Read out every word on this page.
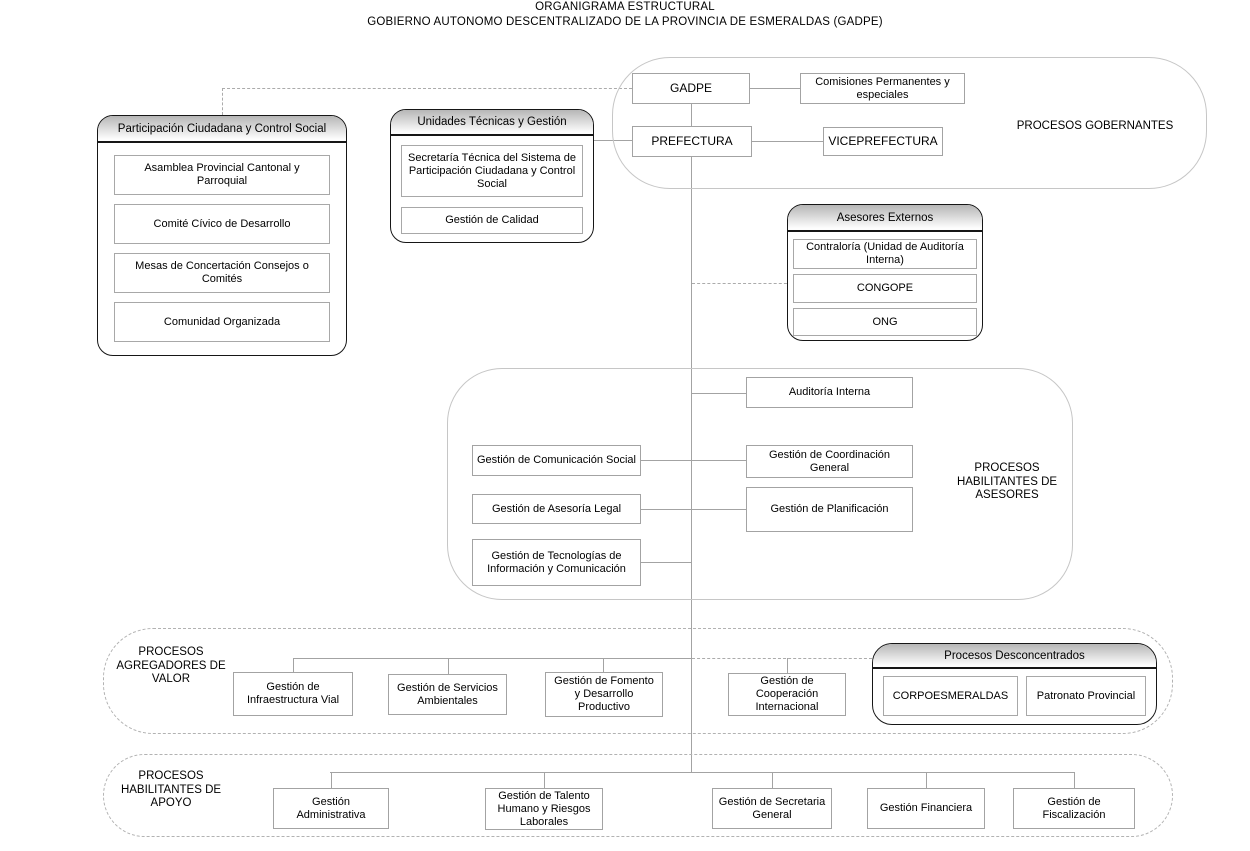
ORGANIGRAMA ESTRUCTURAL
GOBIERNO AUTONOMO DESCENTRALIZADO DE LA PROVINCIA DE ESMERALDAS (GADPE)
PROCESOS GOBERNANTES
GADPE	Comisiones Permanentes y especiales
PREFECTURA	VICEPREFECTURA
Participación Ciudadana y Control Social
Asamblea Provincial Cantonal y Parroquial
Comité Cívico de Desarrollo
Mesas de Concertación Consejos o Comités
Comunidad Organizada
Unidades Técnicas y Gestión
Secretaría Técnica del Sistema de Participación Ciudadana y Control Social
Gestión de Calidad	Asesores Externos
Contraloría (Unidad de Auditoría Interna)
CONGOPE
ONG
PROCESOS HABILITANTES DE ASESORES
Auditoría Interna
Gestión de Comunicación Social	Gestión de Coordinación General
Gestión de Asesoría Legal	Gestión de Planificación
Gestión de Tecnologías de Información y Comunicación
PROCESOS AGREGADORES DE VALOR
Gestión de Infraestructura Vial
Gestión de Servicios Ambientales
Gestión de Fomento y Desarrollo Productivo
Gestión de Cooperación Internacional
Procesos Desconcentrados
CORPOESMERALDAS	Patronato Provincial
PROCESOS HABILITANTES DE APOYO	Gestión Administrativa
Gestión de Talento Humano y Riesgos Laborales
Gestión de Secretaria General
Gestión Financiera
Gestión de Fiscalización
